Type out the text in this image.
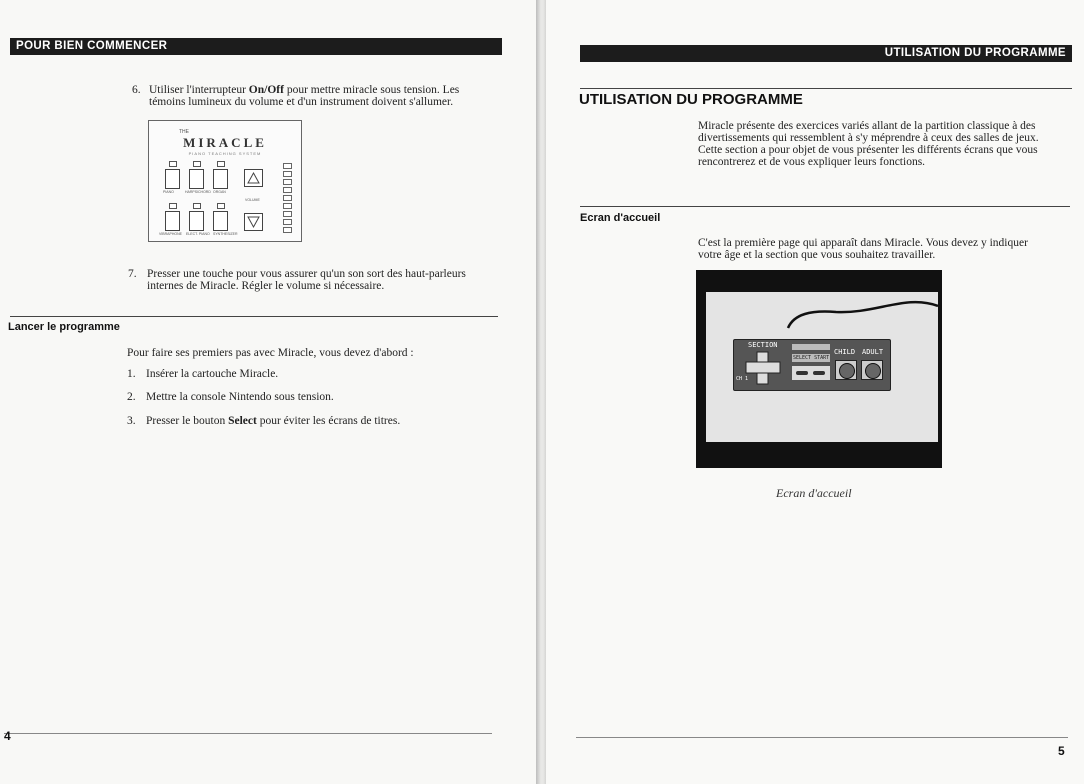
POUR BIEN COMMENCER
6. Utiliser l'interrupteur On/Off pour mettre miracle sous tension. Les témoins lumineux du volume et d'un instrument doivent s'allumer.
THE
MIRACLE
PIANO TEACHING SYSTEM
PIANO	HARPSICHORD ORGAN
VOLUME
VIBRAPHONE ELECT. PIANO SYNTHESIZER
7. Presser une touche pour vous assurer qu'un son sort des haut-parleurs internes de Miracle. Régler le volume si nécessaire.
Lancer le programme
Pour faire ses premiers pas avec Miracle, vous devez d'abord :
1. Insérer la cartouche Miracle.
2. Mettre la console Nintendo sous tension.
3. Presser le bouton Select pour éviter les écrans de titres.
4
UTILISATION DU PROGRAMME
UTILISATION DU PROGRAMME
Miracle présente des exercices variés allant de la partition classique à des divertissements qui ressemblent à s'y méprendre à ceux des salles de jeux. Cette section a pour objet de vous présenter les différents écrans que vous rencontrerez et de vous expliquer leurs fonctions.
Ecran d'accueil
C'est la première page qui apparaît dans Miracle. Vous devez y indiquer votre âge et la section que vous souhaitez travailler.
SECTION
CH 1
SELECT START
CHILD ADULT
Ecran d'accueil
5
